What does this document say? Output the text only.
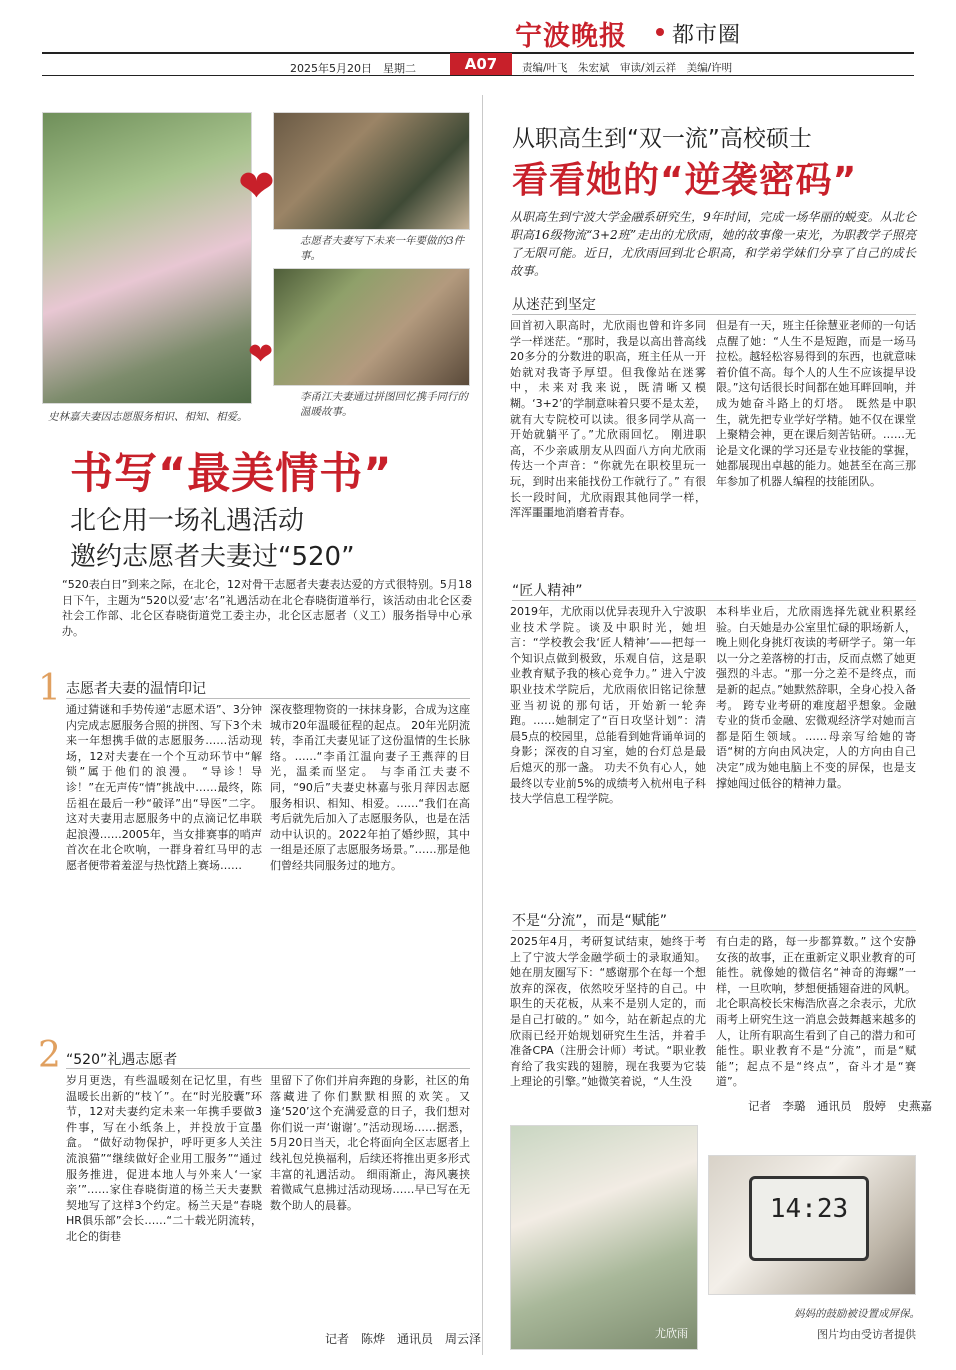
宁波晚报 都市圈
2025年5月20日　星期二	A07	责编/叶飞　朱宏斌　审读/刘云祥　美编/许明
❤
❤
史林嘉夫妻因志愿服务相识、相知、相爱。
志愿者夫妻写下未来一年要做的3件事。
李甬江夫妻通过拼图回忆携手同行的温暖故事。
书写“最美情书”
北仑用一场礼遇活动
邀约志愿者夫妻过“520”
“520表白日”到来之际，在北仑，12对骨干志愿者夫妻表达爱的方式很特别。5月18日下午，主题为“520以爱‘志’名”礼遇活动在北仑春晓街道举行，该活动由北仑区委社会工作部、北仑区春晓街道党工委主办，北仑区志愿者（义工）服务指导中心承办。
1 志愿者夫妻的温情印记
通过猜谜和手势传递“志愿术语”、3分钟内完成志愿服务合照的拼图、写下3个未来一年想携手做的志愿服务……活动现场，12对夫妻在一个个互动环节中“解锁”属于他们的浪漫。 “导诊！导诊！”在无声传“情”挑战中……最终，陈岳祖在最后一秒“破译”出“导医”二字。 这对夫妻用志愿服务中的点滴记忆串联起浪漫……2005年，当女排赛事的哨声首次在北仑吹响，一群身着红马甲的志愿者便带着羞涩与热忱踏上赛场……
深夜整理物资的一抹抹身影，合成为这座城市20年温暖征程的起点。 20年光阴流转，李甬江夫妻见证了这份温情的生长脉络。……“李甬江温向妻子王燕萍的目光，温柔而坚定。 与李甬江夫妻不同，“90后”夫妻史林嘉与张月萍因志愿服务相识、相知、相爱。……“我们在高考后就先后加入了志愿服务队，也是在活动中认识的。2022年拍了婚纱照，其中一组是还原了志愿服务场景。”……那是他们曾经共同服务过的地方。
2 “520”礼遇志愿者
岁月更迭，有些温暖刻在记忆里，有些温暖长出新的“枝丫”。在“时光胶囊”环节，12对夫妻约定未来一年携手要做3件事，写在小纸条上，并投放于宣墨盒。 “做好动物保护，呼吁更多人关注流浪猫”“继续做好企业用工服务”“通过服务推进，促进本地人与外来人‘一家亲’”……家住春晓街道的杨兰天夫妻默契地写了这样3个约定。杨兰天是“春晓HR俱乐部”会长……“二十载光阴流转，北仑的街巷
里留下了你们并肩奔跑的身影，社区的角落藏进了你们默默相照的欢笑。又逢‘520’这个充满爱意的日子，我们想对你们说一声‘谢谢’。”活动现场……据悉，5月20日当天，北仑将面向全区志愿者上线礼包兑换福利，后续还将推出更多形式丰富的礼遇活动。 细雨渐止，海风裹挟着微咸气息拂过活动现场……早已写在无数个助人的晨暮。
记者　陈烨　通讯员　周云泽
从职高生到“双一流”高校硕士
看看她的“逆袭密码”
从职高生到宁波大学金融系研究生，9年时间，完成一场华丽的蜕变。从北仑职高16级物流“3+2班”走出的尤欣雨，她的故事像一束光，为职教学子照亮了无限可能。近日，尤欣雨回到北仑职高，和学弟学妹们分享了自己的成长故事。
从迷茫到坚定
回首初入职高时，尤欣雨也曾和许多同学一样迷茫。“那时，我是以高出普高线20多分的分数进的职高，班主任从一开始就对我寄予厚望。但我像站在迷雾中，未来对我来说，既清晰又模糊。‘3+2’的学制意味着只要不是太差，就有大专院校可以读。很多同学从高一开始就躺平了。”尤欣雨回忆。 刚进职高，不少亲戚朋友从四面八方向尤欣雨传达一个声音：“你就先在职校里玩一玩，到时出来能找份工作就行了。” 有很长一段时间，尤欣雨跟其他同学一样，浑浑噩噩地消磨着青春。
但是有一天，班主任徐慧亚老师的一句话点醒了她：“人生不是短跑，而是一场马拉松。越轻松容易得到的东西，也就意味着价值不高。每个人的人生不应该提早设限。”这句话很长时间都在她耳畔回响，并成为她奋斗路上的灯塔。 既然是中职生，就先把专业学好学精。她不仅在课堂上聚精会神，更在课后刻苦钻研。……无论是文化课的学习还是专业技能的掌握，她都展现出卓越的能力。她甚至在高三那年参加了机器人编程的技能团队。
“匠人精神”
2019年，尤欣雨以优异表现升入宁波职业技术学院。谈及中职时光，她坦言：“学校教会我‘匠人精神’——把每一个知识点做到极致，乐观自信，这是职业教育赋予我的核心竞争力。” 进入宁波职业技术学院后，尤欣雨依旧铭记徐慧亚当初说的那句话，开始新一轮奔跑。……她制定了“百日攻坚计划”：清晨5点的校园里，总能看到她背诵单词的身影；深夜的自习室，她的台灯总是最后熄灭的那一盏。 功夫不负有心人，她最终以专业前5%的成绩考入杭州电子科技大学信息工程学院。
本科毕业后，尤欣雨选择先就业积累经验。白天她是办公室里忙碌的职场新人，晚上则化身挑灯夜读的考研学子。第一年以一分之差落榜的打击，反而点燃了她更强烈的斗志。“那一分之差不是终点，而是新的起点。”她默然辞职，全身心投入备考。 跨专业考研的难度超乎想象。金融专业的货币金融、宏微观经济学对她而言都是陌生领域。……母亲写给她的寄语“树的方向由风决定，人的方向由自己决定”成为她电脑上不变的屏保，也是支撑她闯过低谷的精神力量。
不是“分流”，而是“赋能”
2025年4月，考研复试结束，她终于考上了宁波大学金融学硕士的录取通知。她在朋友圈写下：“感谢那个在每一个想放弃的深夜，依然咬牙坚持的自己。中职生的天花板，从来不是别人定的，而是自己打破的。” 如今，站在新起点的尤欣雨已经开始规划研究生生活，并着手准备CPA（注册会计师）考试。“职业教育给了我实践的翅膀，现在我要为它装上理论的引擎。”她微笑着说，“人生没
有白走的路，每一步都算数。” 这个安静女孩的故事，正在重新定义职业教育的可能性。就像她的微信名“神奇的海螺”一样，一旦吹响，梦想便插翅奋进的风帆。北仑职高校长宋梅浩欣喜之余表示，尤欣雨考上研究生这一消息会鼓舞越来越多的人，让所有职高生看到了自己的潜力和可能性。职业教育不是“分流”，而是“赋能”；起点不是“终点”，奋斗才是“赛道”。
记者　李璐　通讯员　殷婷　史燕嘉
尤欣雨
14:23
妈妈的鼓励被设置成屏保。
图片均由受访者提供
